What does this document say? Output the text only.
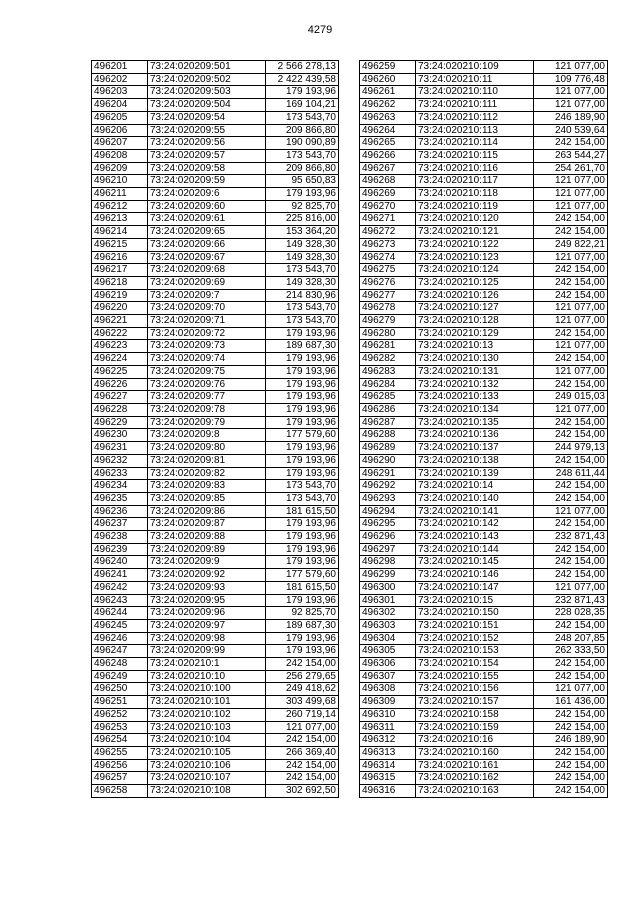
4279
496201	73:24:020209:501	2 566 278,13
496202	73:24:020209:502	2 422 439,58
496203	73:24:020209:503	179 193,96
496204	73:24:020209:504	169 104,21
496205	73:24:020209:54	173 543,70
496206	73:24:020209:55	209 866,80
496207	73:24:020209:56	190 090,89
496208	73:24:020209:57	173 543,70
496209	73:24:020209:58	209 866,80
496210	73:24:020209:59	95 650,83
496211	73:24:020209:6	179 193,96
496212	73:24:020209:60	92 825,70
496213	73:24:020209:61	225 816,00
496214	73:24:020209:65	153 364,20
496215	73:24:020209:66	149 328,30
496216	73:24:020209:67	149 328,30
496217	73:24:020209:68	173 543,70
496218	73:24:020209:69	149 328,30
496219	73:24:020209:7	214 830,96
496220	73:24:020209:70	173 543,70
496221	73:24:020209:71	173 543,70
496222	73:24:020209:72	179 193,96
496223	73:24:020209:73	189 687,30
496224	73:24:020209:74	179 193,96
496225	73:24:020209:75	179 193,96
496226	73:24:020209:76	179 193,96
496227	73:24:020209:77	179 193,96
496228	73:24:020209:78	179 193,96
496229	73:24:020209:79	179 193,96
496230	73:24:020209:8	177 579,60
496231	73:24:020209:80	179 193,96
496232	73:24:020209:81	179 193,96
496233	73:24:020209:82	179 193,96
496234	73:24:020209:83	173 543,70
496235	73:24:020209:85	173 543,70
496236	73:24:020209:86	181 615,50
496237	73:24:020209:87	179 193,96
496238	73:24:020209:88	179 193,96
496239	73:24:020209:89	179 193,96
496240	73:24:020209:9	179 193,96
496241	73:24:020209:92	177 579,60
496242	73:24:020209:93	181 615,50
496243	73:24:020209:95	179 193,96
496244	73:24:020209:96	92 825,70
496245	73:24:020209:97	189 687,30
496246	73:24:020209:98	179 193,96
496247	73:24:020209:99	179 193,96
496248	73:24:020210:1	242 154,00
496249	73:24:020210:10	256 279,65
496250	73:24:020210:100	249 418,62
496251	73:24:020210:101	303 499,68
496252	73:24:020210:102	260 719,14
496253	73:24:020210:103	121 077,00
496254	73:24:020210:104	242 154,00
496255	73:24:020210:105	266 369,40
496256	73:24:020210:106	242 154,00
496257	73:24:020210:107	242 154,00
496258	73:24:020210:108	302 692,50
496259	73:24:020210:109	121 077,00
496260	73:24:020210:11	109 776,48
496261	73:24:020210:110	121 077,00
496262	73:24:020210:111	121 077,00
496263	73:24:020210:112	246 189,90
496264	73:24:020210:113	240 539,64
496265	73:24:020210:114	242 154,00
496266	73:24:020210:115	263 544,27
496267	73:24:020210:116	254 261,70
496268	73:24:020210:117	121 077,00
496269	73:24:020210:118	121 077,00
496270	73:24:020210:119	121 077,00
496271	73:24:020210:120	242 154,00
496272	73:24:020210:121	242 154,00
496273	73:24:020210:122	249 822,21
496274	73:24:020210:123	121 077,00
496275	73:24:020210:124	242 154,00
496276	73:24:020210:125	242 154,00
496277	73:24:020210:126	242 154,00
496278	73:24:020210:127	121 077,00
496279	73:24:020210:128	121 077,00
496280	73:24:020210:129	242 154,00
496281	73:24:020210:13	121 077,00
496282	73:24:020210:130	242 154,00
496283	73:24:020210:131	121 077,00
496284	73:24:020210:132	242 154,00
496285	73:24:020210:133	249 015,03
496286	73:24:020210:134	121 077,00
496287	73:24:020210:135	242 154,00
496288	73:24:020210:136	242 154,00
496289	73:24:020210:137	244 979,13
496290	73:24:020210:138	242 154,00
496291	73:24:020210:139	248 611,44
496292	73:24:020210:14	242 154,00
496293	73:24:020210:140	242 154,00
496294	73:24:020210:141	121 077,00
496295	73:24:020210:142	242 154,00
496296	73:24:020210:143	232 871,43
496297	73:24:020210:144	242 154,00
496298	73:24:020210:145	242 154,00
496299	73:24:020210:146	242 154,00
496300	73:24:020210:147	121 077,00
496301	73:24:020210:15	232 871,43
496302	73:24:020210:150	228 028,35
496303	73:24:020210:151	242 154,00
496304	73:24:020210:152	248 207,85
496305	73:24:020210:153	262 333,50
496306	73:24:020210:154	242 154,00
496307	73:24:020210:155	242 154,00
496308	73:24:020210:156	121 077,00
496309	73:24:020210:157	161 436,00
496310	73:24:020210:158	242 154,00
496311	73:24:020210:159	242 154,00
496312	73:24:020210:16	246 189,90
496313	73:24:020210:160	242 154,00
496314	73:24:020210:161	242 154,00
496315	73:24:020210:162	242 154,00
496316	73:24:020210:163	242 154,00
